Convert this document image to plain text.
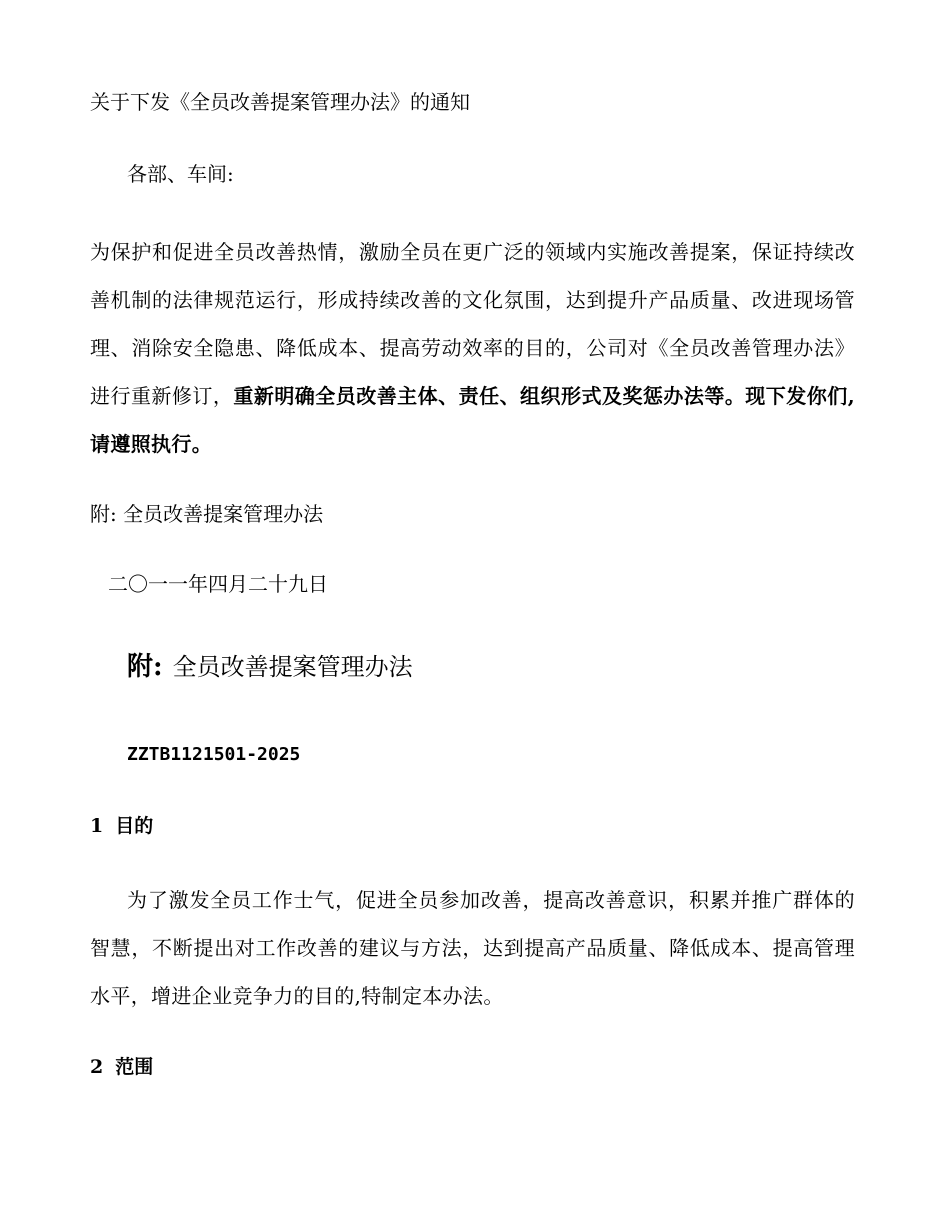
关于下发《全员改善提案管理办法》的通知
各部、车间:
为保护和促进全员改善热情，激励全员在更广泛的领域内实施改善提案，保证持续改善机制的法律规范运行，形成持续改善的文化氛围，达到提升产品质量、改进现场管理、消除安全隐患、降低成本、提高劳动效率的目的，公司对《全员改善管理办法》进行重新修订，重新明确全员改善主体、责任、组织形式及奖惩办法等。现下发你们,请遵照执行。
附: 全员改善提案管理办法
二〇一一年四月二十九日
附: 全员改善提案管理办法
ZZTB1121501-2025
1 目的
为了激发全员工作士气，促进全员参加改善，提高改善意识，积累并推广群体的智慧，不断提出对工作改善的建议与方法，达到提高产品质量、降低成本、提高管理水平，增进企业竞争力的目的,特制定本办法。
2 范围
